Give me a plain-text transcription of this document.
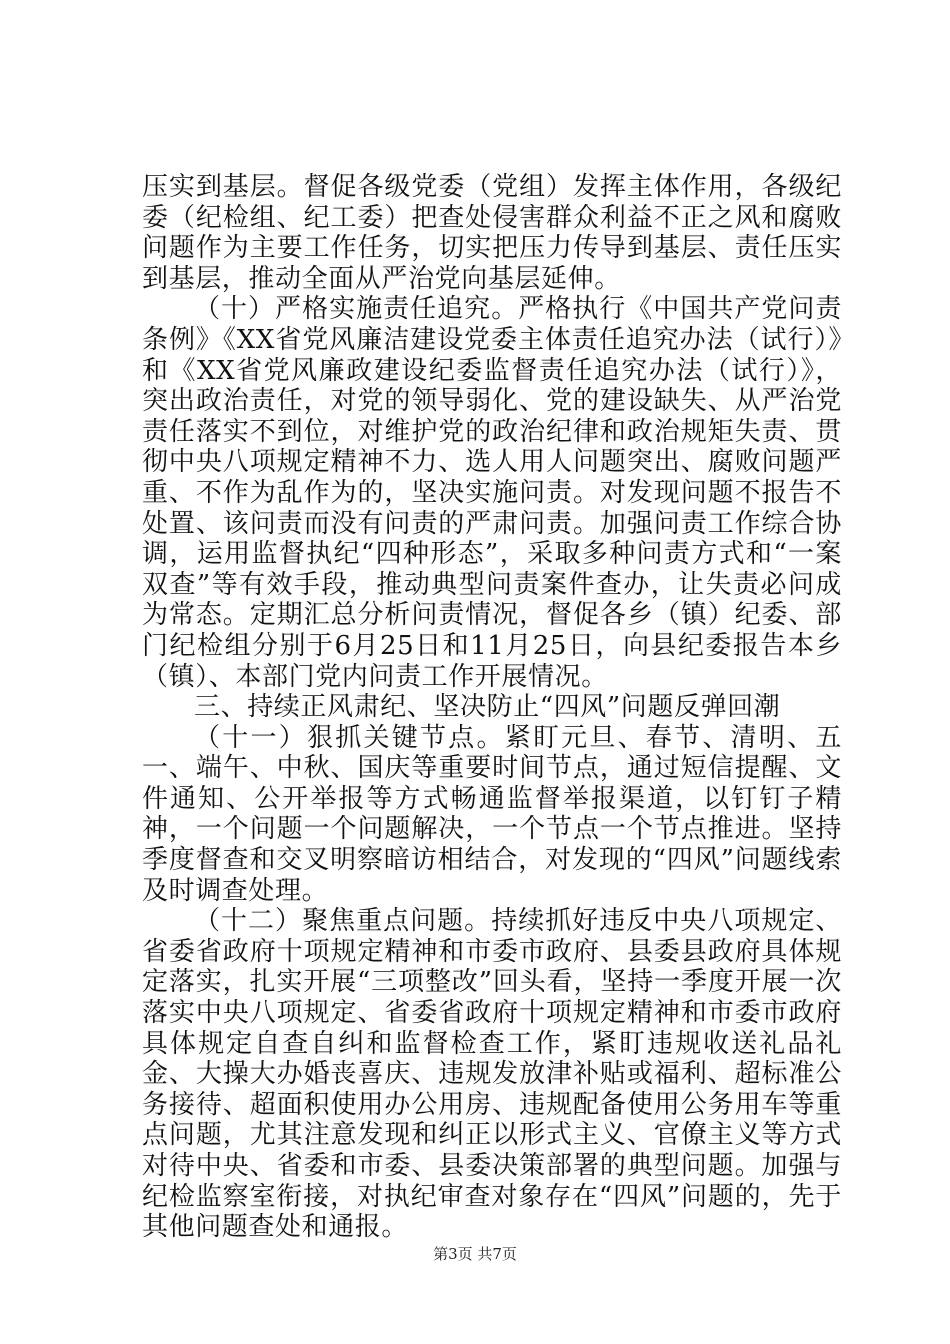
压实到基层。督促各级党委（党组）发挥主体作用，各级纪委（纪检组、纪工委）把查处侵害群众利益不正之风和腐败问题作为主要工作任务，切实把压力传导到基层、责任压实到基层，推动全面从严治党向基层延伸。

（十）严格实施责任追究。严格执行《中国共产党问责条例》《XX省党风廉洁建设党委主体责任追究办法（试行）》和《XX省党风廉政建设纪委监督责任追究办法（试行）》，突出政治责任，对党的领导弱化、党的建设缺失、从严治党责任落实不到位，对维护党的政治纪律和政治规矩失责、贯彻中央八项规定精神不力、选人用人问题突出、腐败问题严重、不作为乱作为的，坚决实施问责。对发现问题不报告不处置、该问责而没有问责的严肃问责。加强问责工作综合协调，运用监督执纪“四种形态”，采取多种问责方式和“一案双查”等有效手段，推动典型问责案件查办，让失责必问成为常态。定期汇总分析问责情况，督促各乡（镇）纪委、部门纪检组分别于6月25日和11月25日，向县纪委报告本乡（镇）、本部门党内问责工作开展情况。

三、持续正风肃纪、坚决防止“四风”问题反弹回潮

（十一）狠抓关键节点。紧盯元旦、春节、清明、五一、端午、中秋、国庆等重要时间节点，通过短信提醒、文件通知、公开举报等方式畅通监督举报渠道，以钉钉子精神，一个问题一个问题解决，一个节点一个节点推进。坚持季度督查和交叉明察暗访相结合，对发现的“四风”问题线索及时调查处理。

（十二）聚焦重点问题。持续抓好违反中央八项规定、省委省政府十项规定精神和市委市政府、县委县政府具体规定落实，扎实开展“三项整改”回头看，坚持一季度开展一次落实中央八项规定、省委省政府十项规定精神和市委市政府具体规定自查自纠和监督检查工作，紧盯违规收送礼品礼金、大操大办婚丧喜庆、违规发放津补贴或福利、超标准公务接待、超面积使用办公用房、违规配备使用公务用车等重点问题，尤其注意发现和纠正以形式主义、官僚主义等方式对待中央、省委和市委、县委决策部署的典型问题。加强与纪检监察室衔接，对执纪审查对象存在“四风”问题的，先于其他问题查处和通报。

第3页 共7页
